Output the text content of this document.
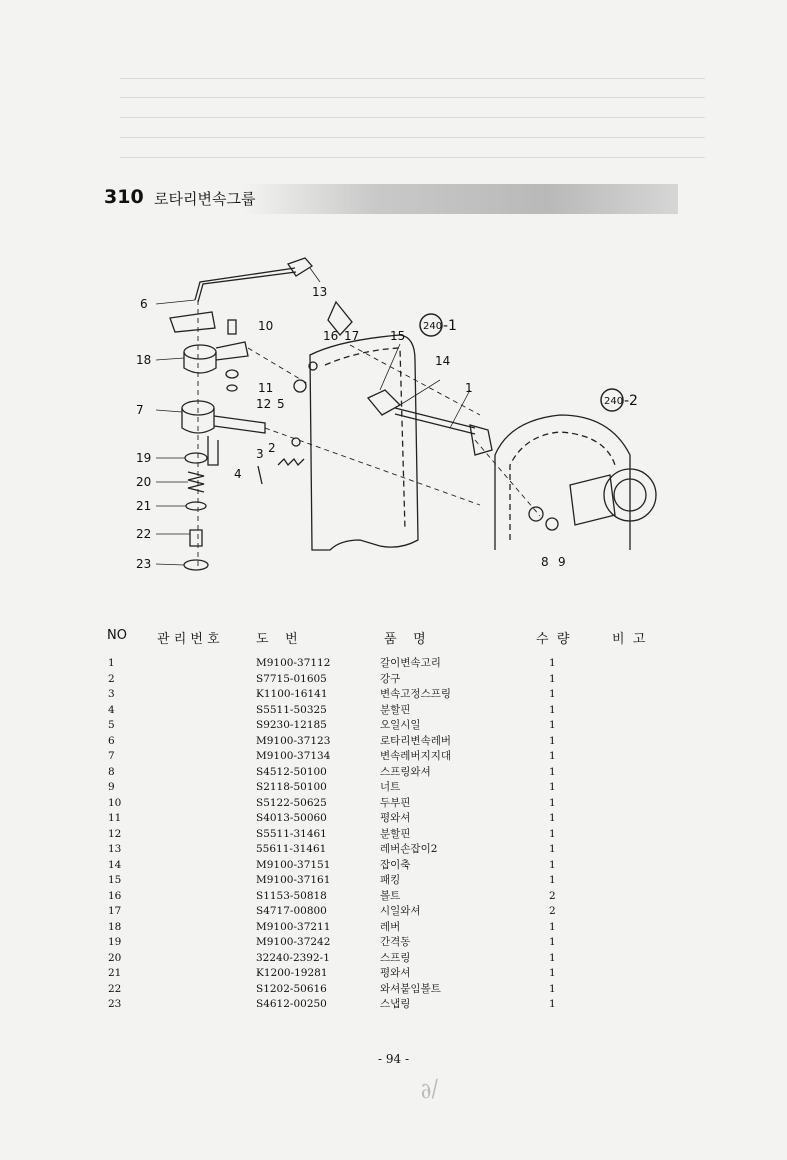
310 로타리변속그룹
1
2
3
4
5
6
7
8 9
10
11
12
13
14
15
16 17
18
19
20
21
22
23
240 -1
240 -2
NO 관 리 번 호	도    번	품    명	수  량	비  고
1	M9100-37112	갈이변속고리	1
2	S7715-01605	강구	1
3	K1100-16141	변속고정스프링	1
4	S5511-50325	분할핀	1
5	S9230-12185	오일시일	1
6	M9100-37123	로타리변속레버	1
7	M9100-37134	변속레버지지대	1
8	S4512-50100	스프링와셔	1
9	S2118-50100	너트	1
10	S5122-50625	두부핀	1
11	S4013-50060	평와셔	1
12	S5511-31461	분할핀	1
13	55611-31461	레버손잡이2	1
14	M9100-37151	잡이축	1
15	M9100-37161	패킹	1
16	S1153-50818	볼트	2
17	S4717-00800	시일와셔	2
18	M9100-37211	레버	1
19	M9100-37242	간격동	1
20	32240-2392-1	스프링	1
21	K1200-19281	평와셔	1
22	S1202-50616	와셔붙임볼트	1
23	S4612-00250	스냅링	1
- 94 -
∂/
